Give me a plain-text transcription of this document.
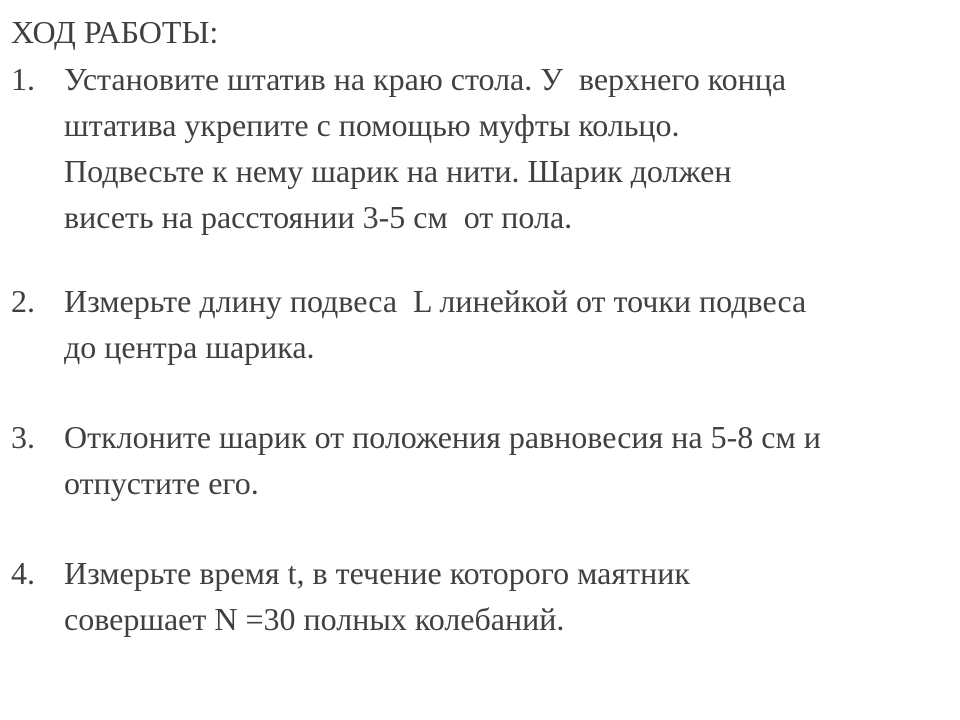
ХОД РАБОТЫ:
1. Установите штатив на краю стола. У  верхнего конца
штатива укрепите с помощью муфты кольцо.
Подвесьте к нему шарик на нити. Шарик должен
висеть на расстоянии 3-5 см  от пола.
2. Измерьте длину подвеса  L линейкой от точки подвеса
до центра шарика.
3. Отклоните шарик от положения равновесия на 5-8 см и
отпустите его.
4. Измерьте время t, в течение которого маятник
совершает N =30 полных колебаний.
